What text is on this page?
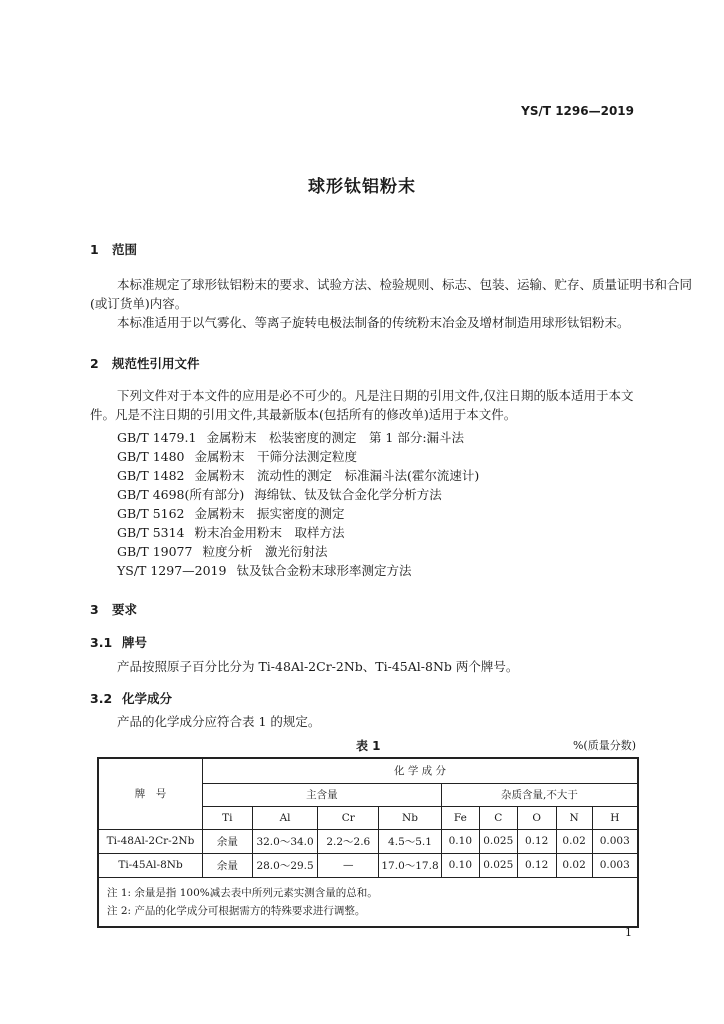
YS/T 1296—2019
球形钛铝粉末
1 范围
本标准规定了球形钛铝粉末的要求、试验方法、检验规则、标志、包装、运输、贮存、质量证明书和合同
(或订货单)内容。
本标准适用于以气雾化、等离子旋转电极法制备的传统粉末冶金及增材制造用球形钛铝粉末。
2 规范性引用文件
下列文件对于本文件的应用是必不可少的。凡是注日期的引用文件,仅注日期的版本适用于本文
件。凡是不注日期的引用文件,其最新版本(包括所有的修改单)适用于本文件。
GB/T 1479.1 金属粉末　松装密度的测定　第 1 部分:漏斗法
GB/T 1480 金属粉末　干筛分法测定粒度
GB/T 1482 金属粉末　流动性的测定　标准漏斗法(霍尔流速计)
GB/T 4698(所有部分) 海绵钛、钛及钛合金化学分析方法
GB/T 5162 金属粉末　振实密度的测定
GB/T 5314 粉末冶金用粉末　取样方法
GB/T 19077 粒度分析　激光衍射法
YS/T 1297—2019 钛及钛合金粉末球形率测定方法
3 要求
3.1 牌号
产品按照原子百分比分为 Ti-48Al-2Cr-2Nb、Ti-45Al-8Nb 两个牌号。
3.2 化学成分
产品的化学成分应符合表 1 的规定。
表 1	%(质量分数)
牌　号	化 学 成 分								
	主含量				杂质含量,不大于				
	Ti	Al	Cr	Nb	Fe	C	O	N	H
Ti-48Al-2Cr-2Nb	余量	32.0～34.0	2.2～2.6	4.5～5.1	0.10	0.025	0.12	0.02	0.003
Ti-45Al-8Nb	余量	28.0～29.5	—	17.0～17.8	0.10	0.025	0.12	0.02	0.003

注 1: 余量是指 100%减去表中所列元素实测含量的总和。
注 2: 产品的化学成分可根据需方的特殊要求进行调整。									
1
